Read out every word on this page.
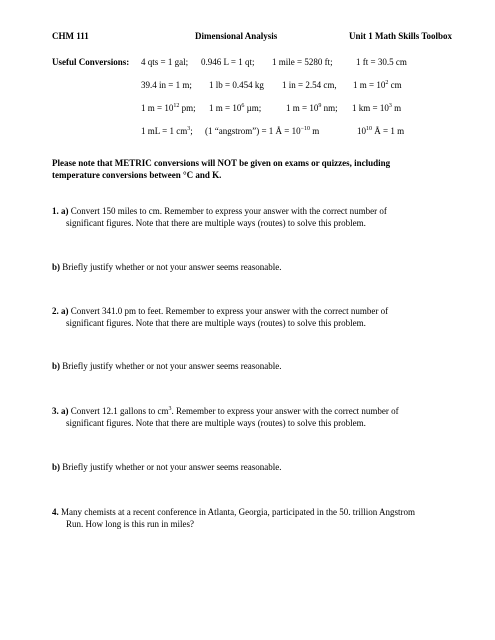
CHM 111	Dimensional Analysis	Unit 1 Math Skills Toolbox
Useful Conversions: 4 qts = 1 gal; 0.946 L = 1 qt; 1 mile = 5280 ft;	1 ft = 30.5 cm
39.4 in = 1 m; 1 lb = 0.454 kg 1 in = 2.54 cm, 1 $m = 10^2$ cm
1 $m = 10^{12}$ pm; 1 $m = 10^6$ µm;	1 $m = 10^9$ nm; 1 km = $10^3$ m
1 mL = 1 $cm^3$; (1 “angstrom”) = 1 Å = $10^{-10}$ m	$10^{10}$ Å = 1 m
Please note that METRIC conversions will NOT be given on exams or quizzes, including
temperature conversions between °C and K.
1. a) Convert 150 miles to cm. Remember to express your answer with the correct number of
significant figures. Note that there are multiple ways (routes) to solve this problem.
b) Briefly justify whether or not your answer seems reasonable.
2. a) Convert 341.0 pm to feet. Remember to express your answer with the correct number of
significant figures. Note that there are multiple ways (routes) to solve this problem.
b) Briefly justify whether or not your answer seems reasonable.
3. a) Convert 12.1 gallons to $cm^3$. Remember to express your answer with the correct number of
significant figures. Note that there are multiple ways (routes) to solve this problem.
b) Briefly justify whether or not your answer seems reasonable.
4. Many chemists at a recent conference in Atlanta, Georgia, participated in the 50. trillion Angstrom
Run. How long is this run in miles?
